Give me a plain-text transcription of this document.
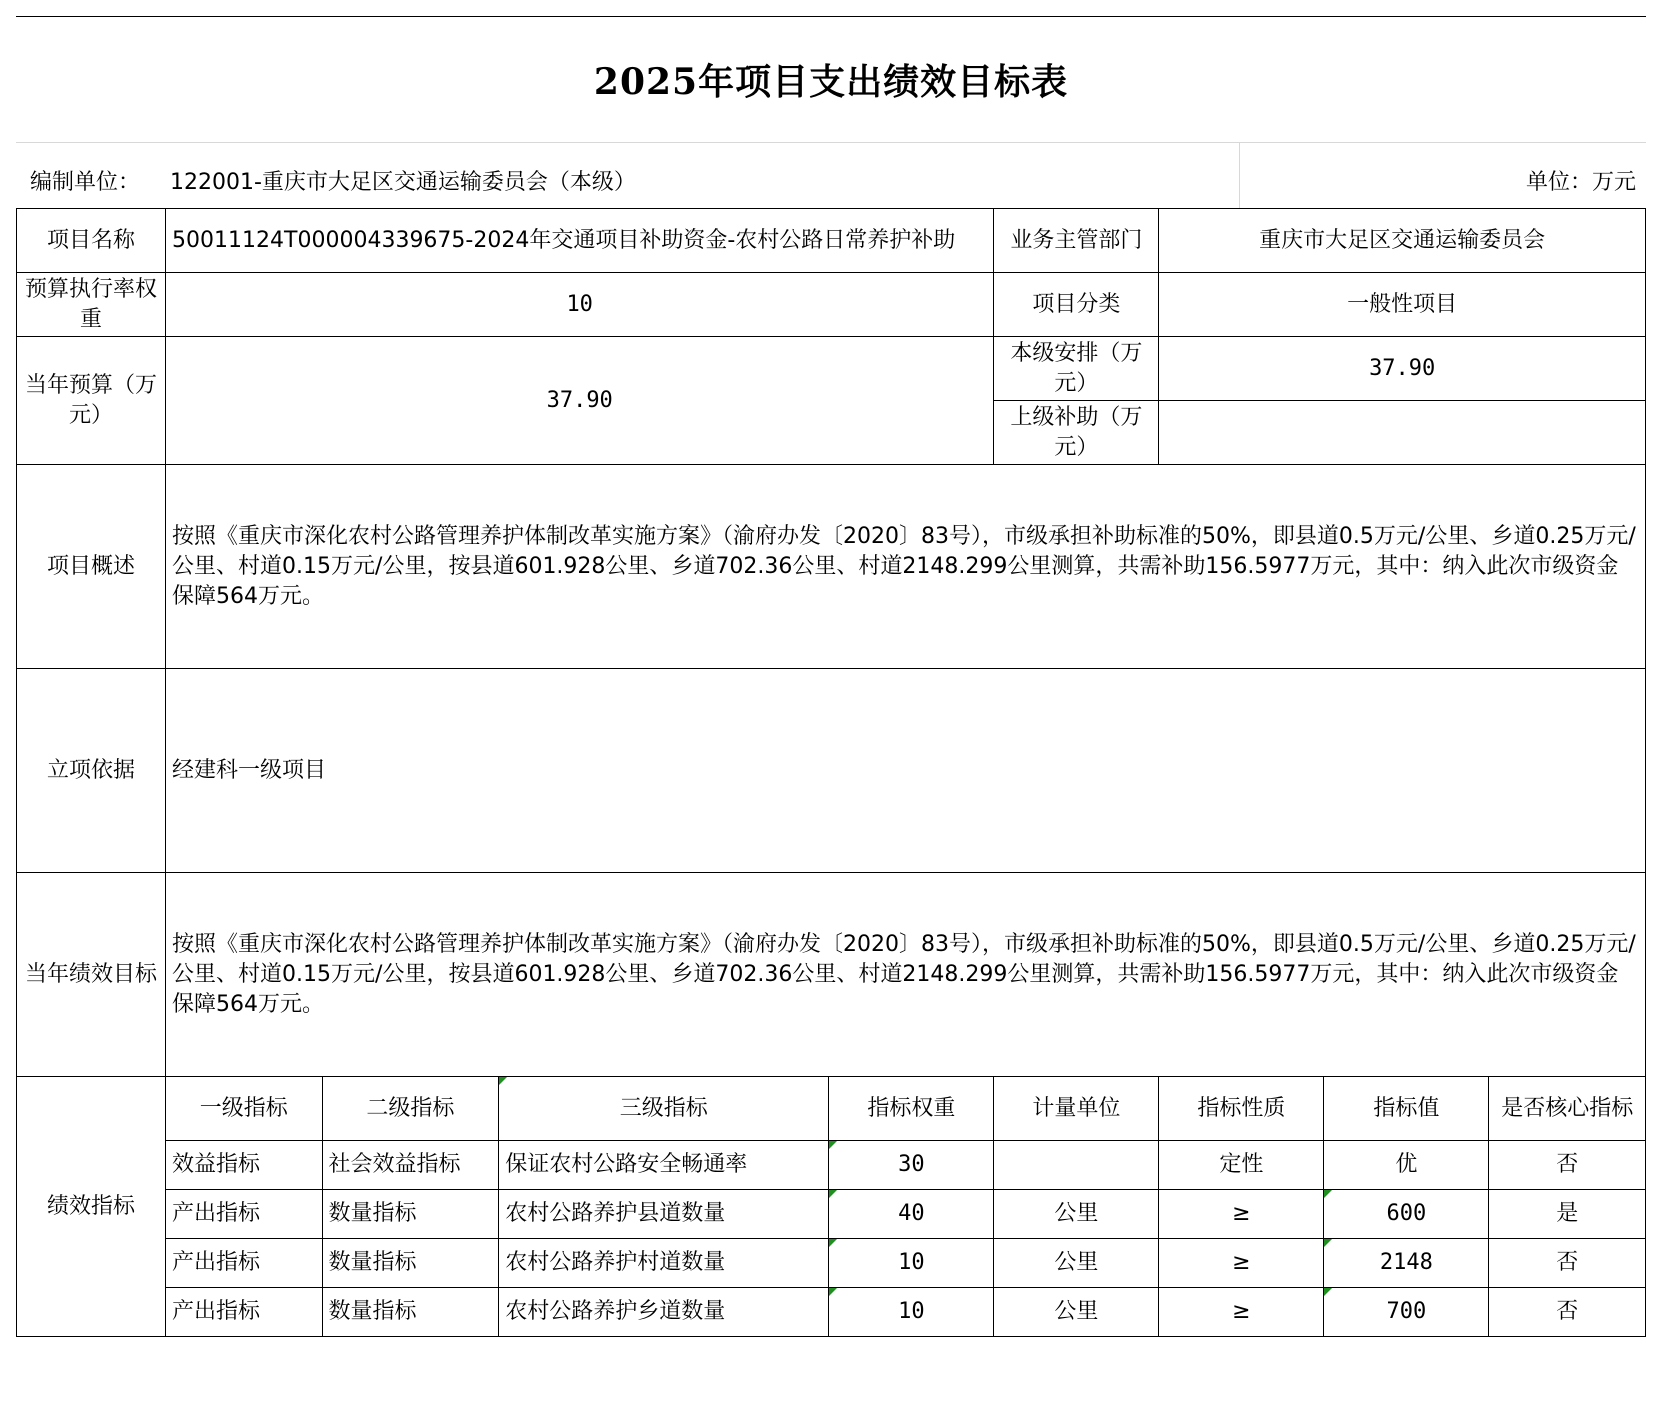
2025年项目支出绩效目标表
编制单位： 122001-重庆市大足区交通运输委员会（本级）	单位：万元
项目名称	50011124T000004339675-2024年交通项目补助资金-农村公路日常养护补助				业务主管部门	重庆市大足区交通运输委员会		
预算执行率权重	10				项目分类	一般性项目		
当年预算（万元）	37.90				本级安排（万元）	37.90		
					上级补助（万元）			
项目概述	按照《重庆市深化农村公路管理养护体制改革实施方案》（渝府办发〔2020〕83号），市级承担补助标准的50%，即县道0.5万元/公里、乡道0.25万元/公里、村道0.15万元/公里，按县道601.928公里、乡道702.36公里、村道2148.299公里测算，共需补助156.5977万元，其中：纳入此次市级资金保障564万元。							
立项依据	经建科一级项目							
当年绩效目标	按照《重庆市深化农村公路管理养护体制改革实施方案》（渝府办发〔2020〕83号），市级承担补助标准的50%，即县道0.5万元/公里、乡道0.25万元/公里、村道0.15万元/公里，按县道601.928公里、乡道702.36公里、村道2148.299公里测算，共需补助156.5977万元，其中：纳入此次市级资金保障564万元。							
绩效指标	一级指标	二级指标	三级指标	指标权重	计量单位	指标性质	指标值	是否核心指标
	效益指标	社会效益指标	保证农村公路安全畅通率	30		定性	优	否
	产出指标	数量指标	农村公路养护县道数量	40	公里	≥	600	是
	产出指标	数量指标	农村公路养护村道数量	10	公里	≥	2148	否
	产出指标	数量指标	农村公路养护乡道数量	10	公里	≥	700	否
